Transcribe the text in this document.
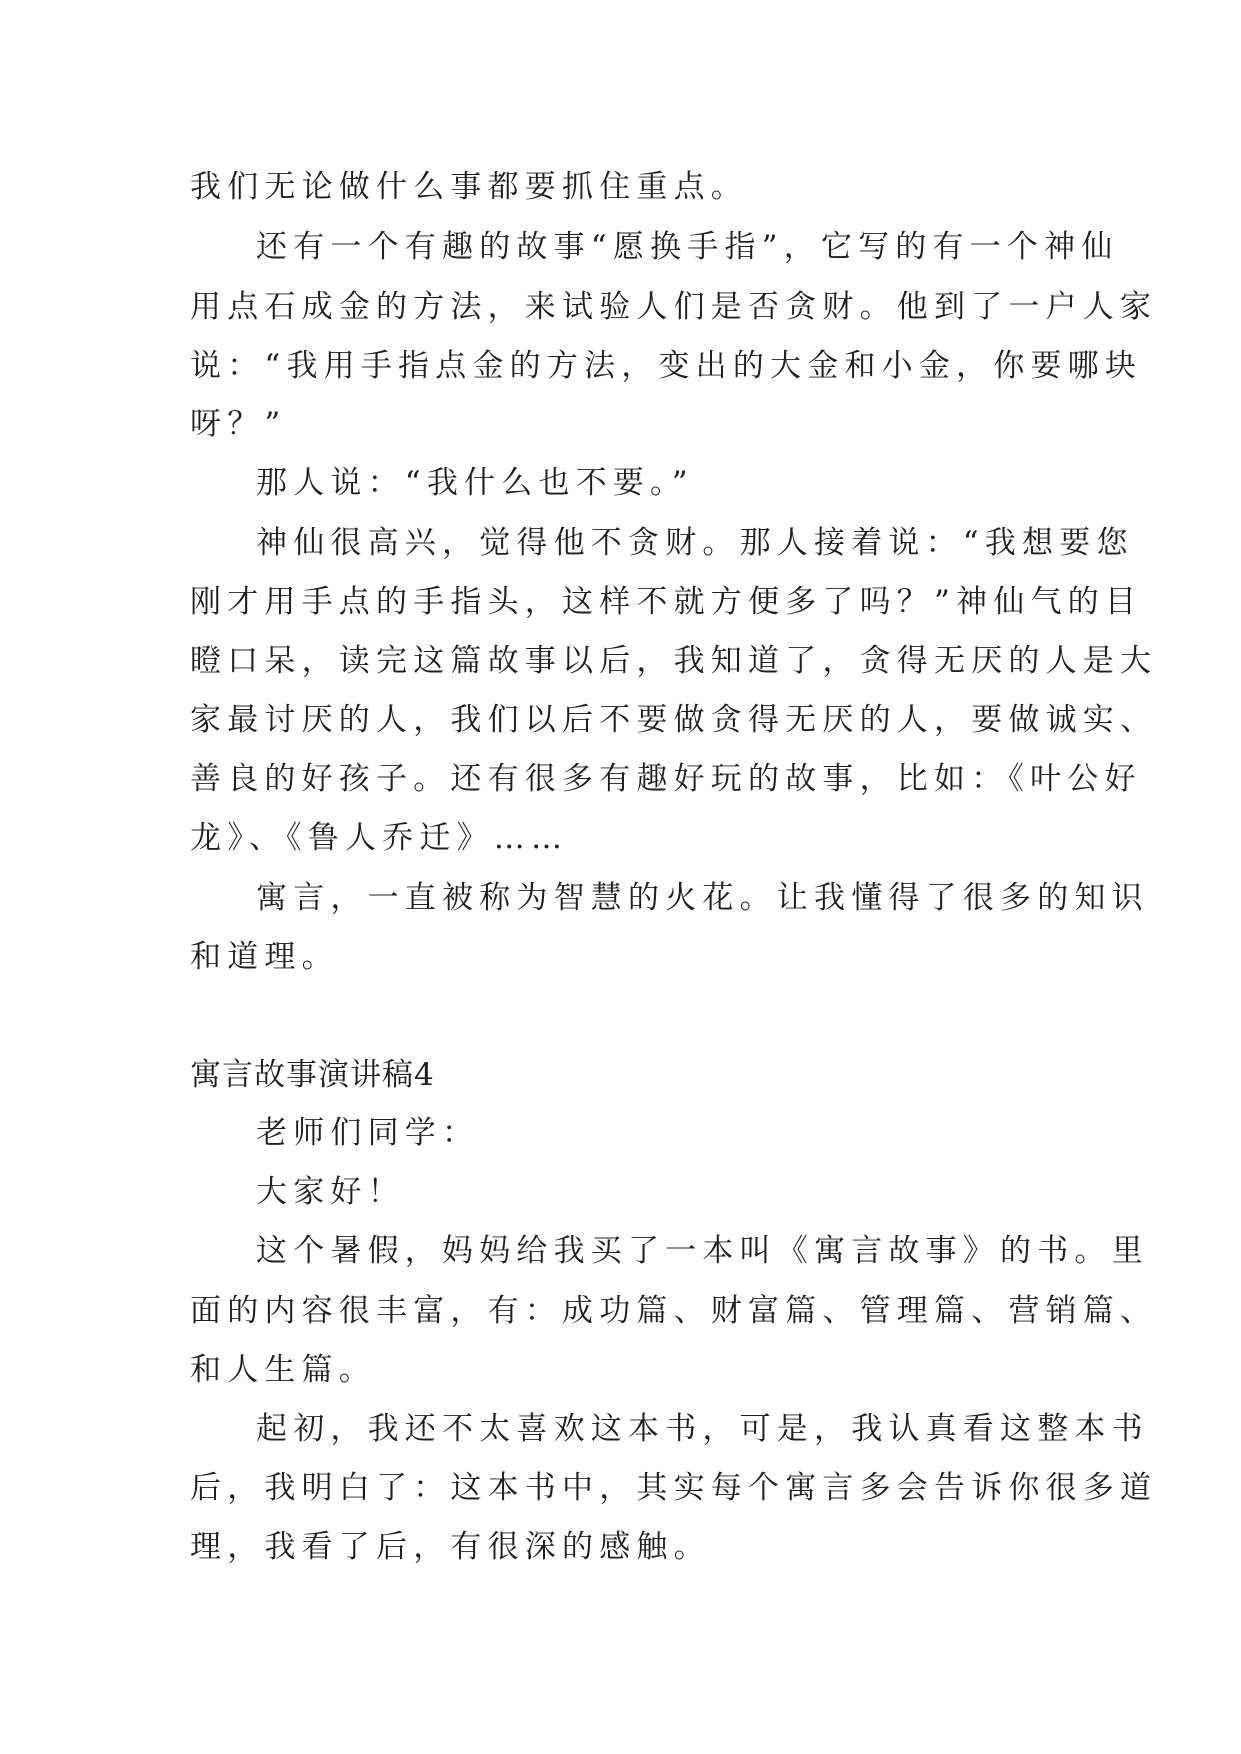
我们无论做什么事都要抓住重点。

还有一个有趣的故事“愿换手指”，它写的有一个神仙

用点石成金的方法，来试验人们是否贪财。他到了一户人家

说：“我用手指点金的方法，变出的大金和小金，你要哪块

呀？”

那人说：“我什么也不要。”

神仙很高兴，觉得他不贪财。那人接着说：“我想要您

刚才用手点的手指头，这样不就方便多了吗？”神仙气的目

瞪口呆，读完这篇故事以后，我知道了，贪得无厌的人是大

家最讨厌的人，我们以后不要做贪得无厌的人，要做诚实、

善良的好孩子。还有很多有趣好玩的故事，比如：《叶公好

龙》、《鲁人乔迁》……

寓言，一直被称为智慧的火花。让我懂得了很多的知识

和道理。

寓言故事演讲稿4

老师们同学：

大家好！

这个暑假，妈妈给我买了一本叫《寓言故事》的书。里

面的内容很丰富，有：成功篇、财富篇、管理篇、营销篇、

和人生篇。

起初，我还不太喜欢这本书，可是，我认真看这整本书

后，我明白了：这本书中，其实每个寓言多会告诉你很多道

理，我看了后，有很深的感触。
